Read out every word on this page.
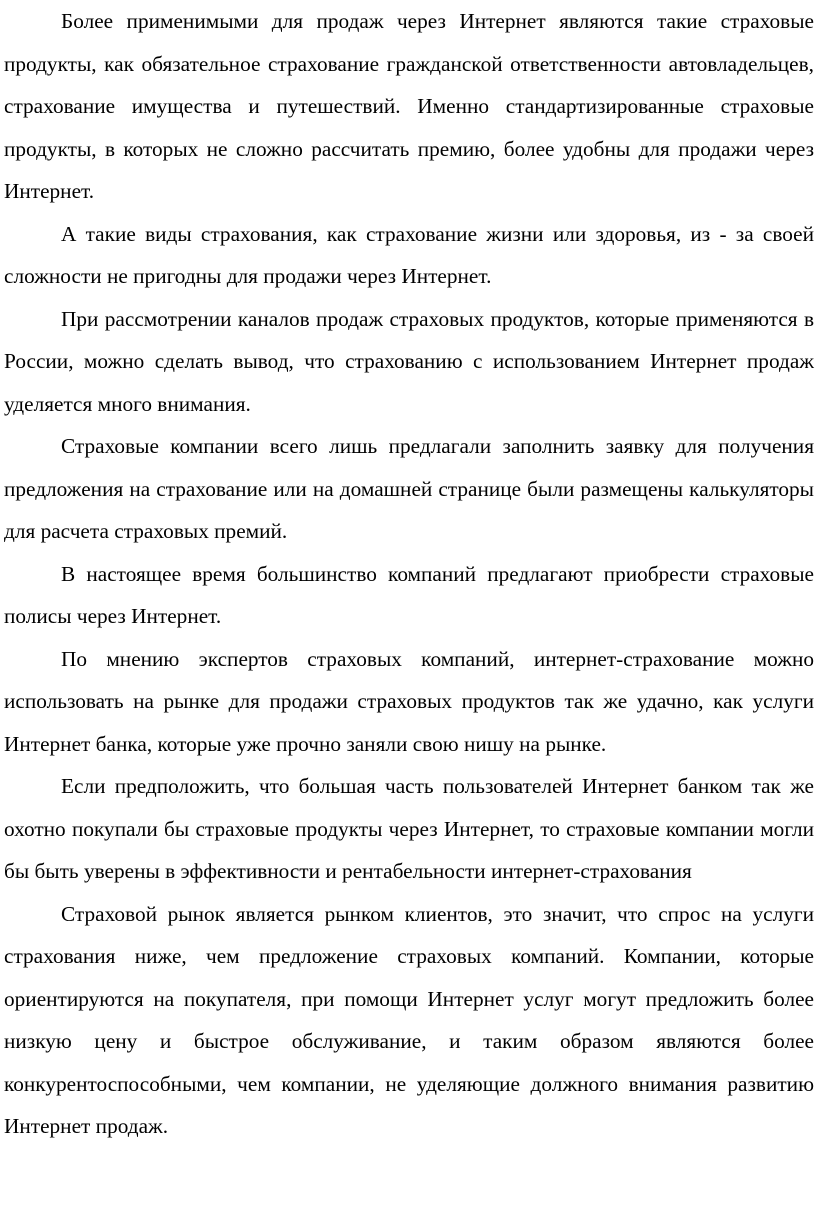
Более применимыми для продаж через Интернет являются такие страховые продукты, как обязательное страхование гражданской ответственности автовладельцев, страхование имущества и путешествий. Именно стандартизированные страховые продукты, в которых не сложно рассчитать премию, более удобны для продажи через Интернет.

А такие виды страхования, как страхование жизни или здоровья, из - за своей сложности не пригодны для продажи через Интернет.

При рассмотрении каналов продаж страховых продуктов, которые применяются в России, можно сделать вывод, что страхованию с использованием Интернет продаж уделяется много внимания.

Страховые компании всего лишь предлагали заполнить заявку для получения предложения на страхование или на домашней странице были размещены калькуляторы для расчета страховых премий.

В настоящее время большинство компаний предлагают приобрести страховые полисы через Интернет.

По мнению экспертов страховых компаний, интернет-страхование можно использовать на рынке для продажи страховых продуктов так же удачно, как услуги Интернет банка, которые уже прочно заняли свою нишу на рынке.

Если предположить, что большая часть пользователей Интернет банком так же охотно покупали бы страховые продукты через Интернет, то страховые компании могли бы быть уверены в эффективности и рентабельности интернет-страхования

Страховой рынок является рынком клиентов, это значит, что спрос на услуги страхования ниже, чем предложение страховых компаний. Компании, которые ориентируются на покупателя, при помощи Интернет услуг могут предложить более низкую цену и быстрое обслуживание, и таким образом являются более конкурентоспособными, чем компании, не уделяющие должного внимания развитию Интернет продаж.
